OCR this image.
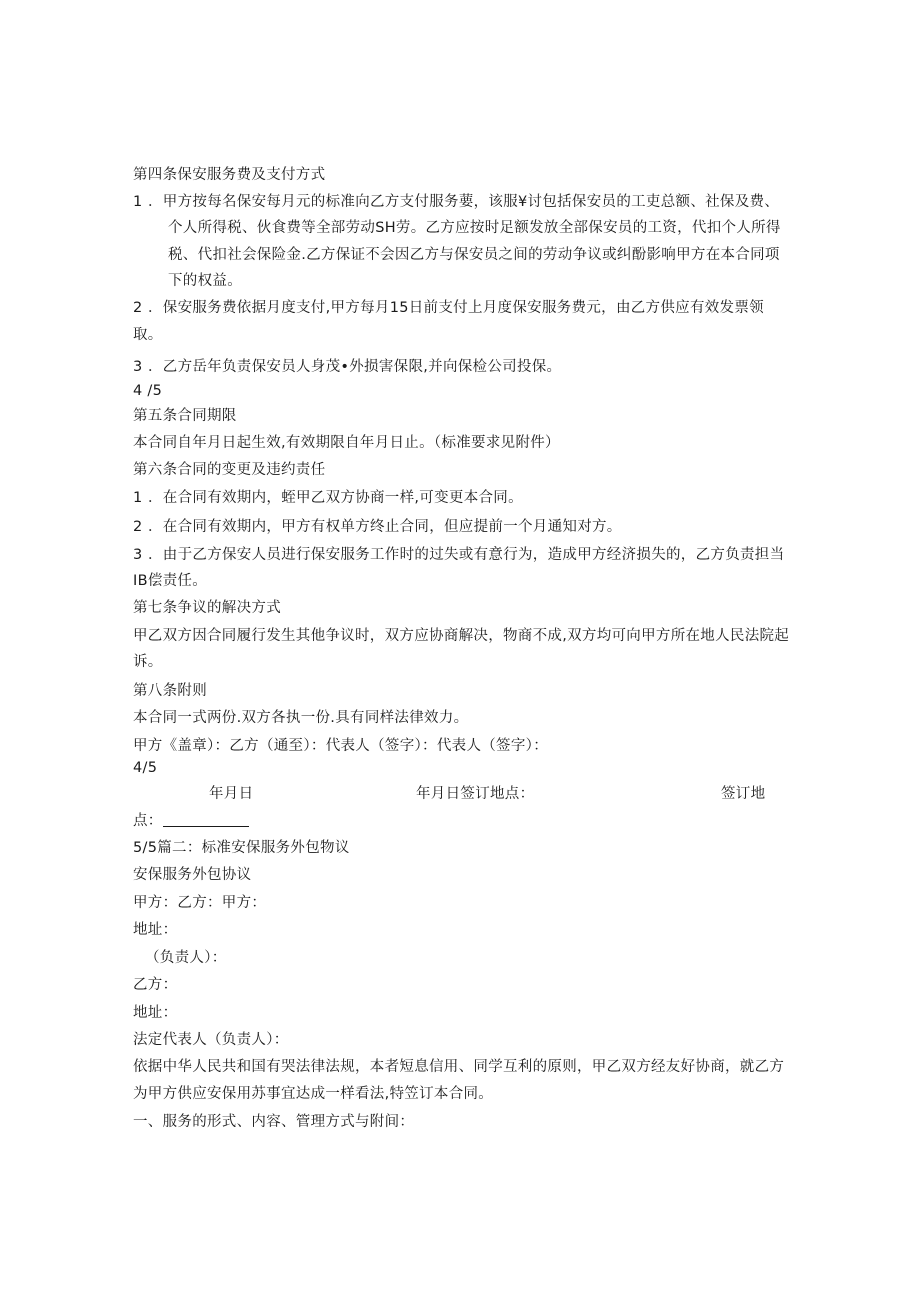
第四条保安服务费及支付方式
1 ．甲方按每名保安每月元的标准向乙方支付服务葽，该服¥讨包括保安员的工吏总额、社保及费、
个人所得税、伙食费等全部劳动SH劳。乙方应按时足额发放全部保安员的工资，代扣个人所得
税、代扣社会保险金.乙方保证不会因乙方与保安员之间的劳动争议或纠酚影响甲方在本合同项
下的权益。
2 ．保安服务费依据月度支付,甲方每月15日前支付上月度保安服务费元，由乙方供应有效发票领
取。
3 ．乙方岳年负责保安员人身茂•外损害保限,并向保检公司投保。
4 /5
第五条合同期限
本合同自年月日起生效,有效期限自年月日止。（标准要求见附件）
第六条合同的变更及违约责任
1 ．在合同有效期内，蛭甲乙双方协商一样,可变更本合同。
2 ．在合同有效期内，甲方有权单方终止合同，但应提前一个月通知对方。
3 ．由于乙方保安人员进行保安服务工作时的过失或有意行为，造成甲方经济损失的，乙方负责担当
IB偿责任。
第七条争议的解决方式
甲乙双方因合同履行发生其他争议时，双方应协商解决，物商不成,双方均可向甲方所在地人民法院起
诉。
第八条附则
本合同一式两份.双方各执一份.具有同样法律效力。
甲方《盖章）：乙方（通至）：代表人（签字）：代表人（签字）：
4/5
年月日	年月日签订地点：	签订地
点：
5/5篇二：标准安保服务外包物议
安保服务外包协议
甲方：乙方：甲方：
地址：
（负责人）：
乙方：
地址：
法定代表人（负责人）：
依据中华人民共和国有哭法律法规，本者短息信用、同学互利的原则，甲乙双方经友好协商，就乙方
为甲方供应安保用苏事宜达成一样看法,特笠订本合同。
一、服务的形式、内容、管理方式与附间：
